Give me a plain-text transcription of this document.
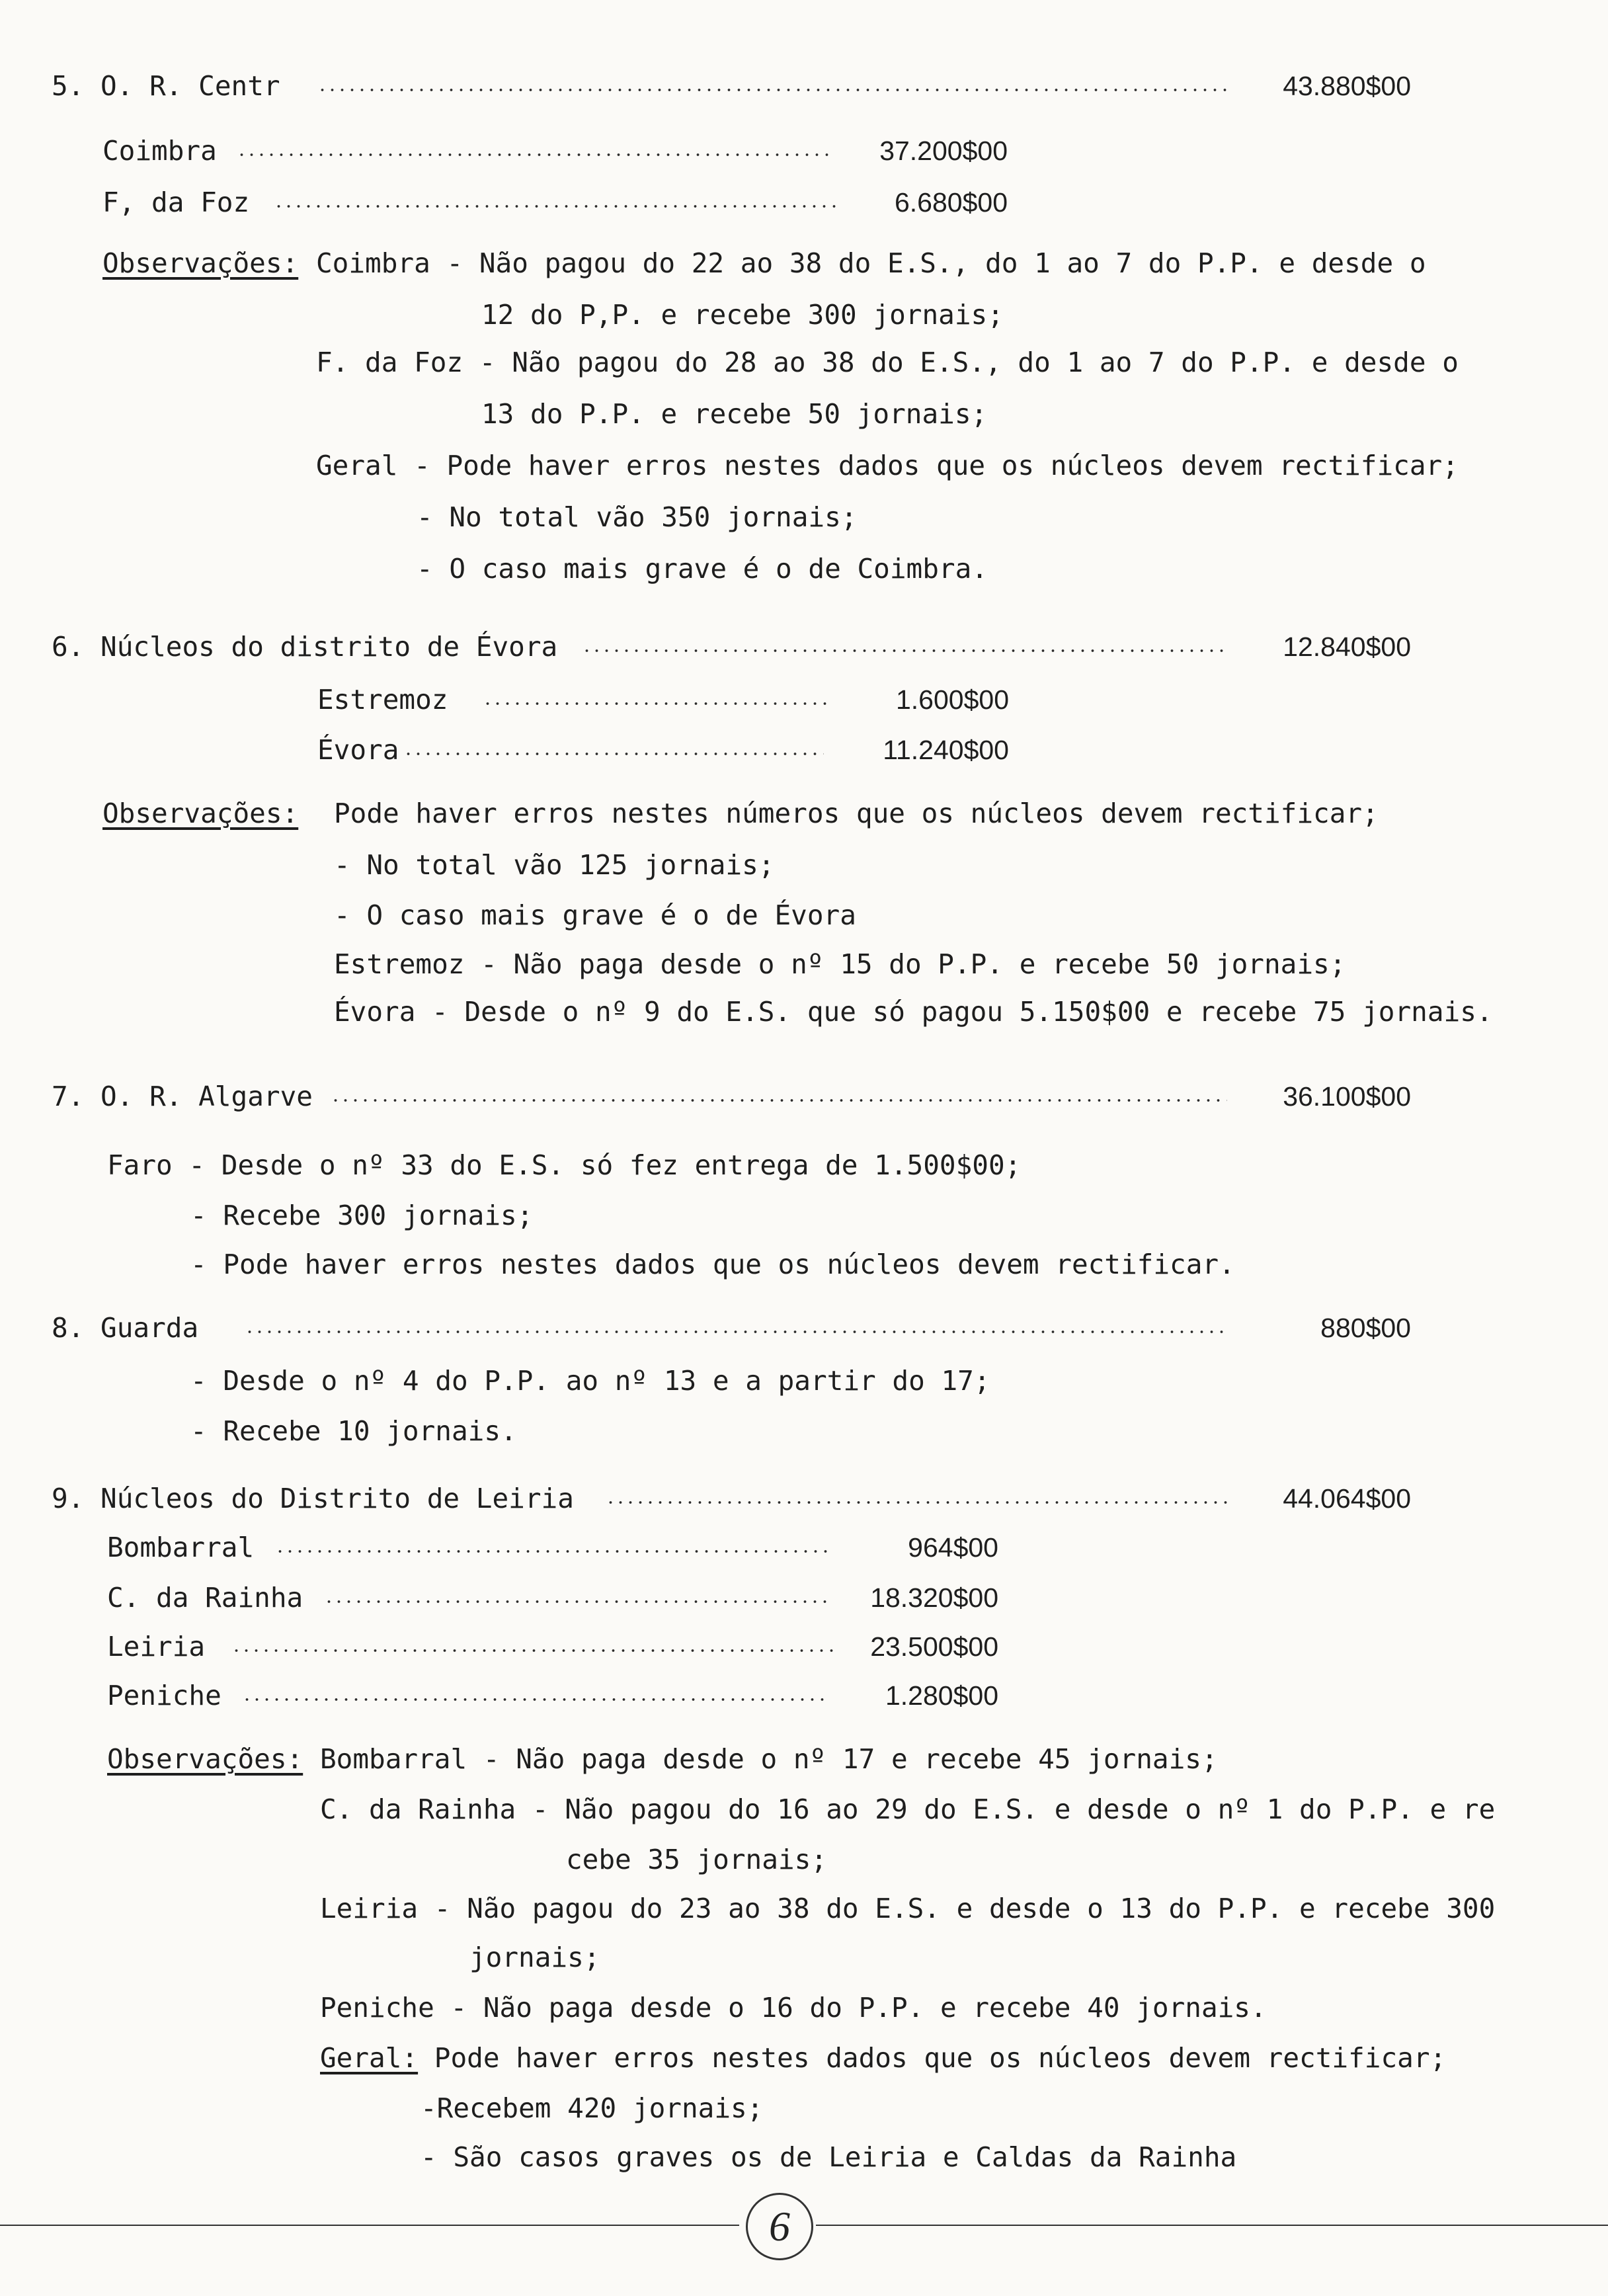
5. O. R. Centr	43.880$00
Coimbra	37.200$00
F, da Foz	6.680$00
Observações: Coimbra - Não pagou do 22 ao 38 do E.S., do 1 ao 7 do P.P. e desde o
12 do P,P. e recebe 300 jornais;
F. da Foz - Não pagou do 28 ao 38 do E.S., do 1 ao 7 do P.P. e desde o
13 do P.P. e recebe 50 jornais;
Geral - Pode haver erros nestes dados que os núcleos devem rectificar;
- No total vão 350 jornais;
- O caso mais grave é o de Coimbra.
6. Núcleos do distrito de Évora	12.840$00
Estremoz	1.600$00
Évora	11.240$00
Observações: Pode haver erros nestes números que os núcleos devem rectificar;
- No total vão 125 jornais;
- O caso mais grave é o de Évora
Estremoz - Não paga desde o nº 15 do P.P. e recebe 50 jornais;
Évora - Desde o nº 9 do E.S. que só pagou 5.150$00 e recebe 75 jornais.
7. O. R. Algarve	36.100$00
Faro - Desde o nº 33 do E.S. só fez entrega de 1.500$00;
- Recebe 300 jornais;
- Pode haver erros nestes dados que os núcleos devem rectificar.
8. Guarda	880$00
- Desde o nº 4 do P.P. ao nº 13 e a partir do 17;
- Recebe 10 jornais.
9. Núcleos do Distrito de Leiria	44.064$00
Bombarral	964$00
C. da Rainha	18.320$00
Leiria	23.500$00
Peniche	1.280$00
Observações: Bombarral - Não paga desde o nº 17 e recebe 45 jornais;
C. da Rainha - Não pagou do 16 ao 29 do E.S. e desde o nº 1 do P.P. e re
cebe 35 jornais;
Leiria - Não pagou do 23 ao 38 do E.S. e desde o 13 do P.P. e recebe 300
jornais;
Peniche - Não paga desde o 16 do P.P. e recebe 40 jornais.
Geral: Pode haver erros nestes dados que os núcleos devem rectificar;
-Recebem 420 jornais;
- São casos graves os de Leiria e Caldas da Rainha
6
